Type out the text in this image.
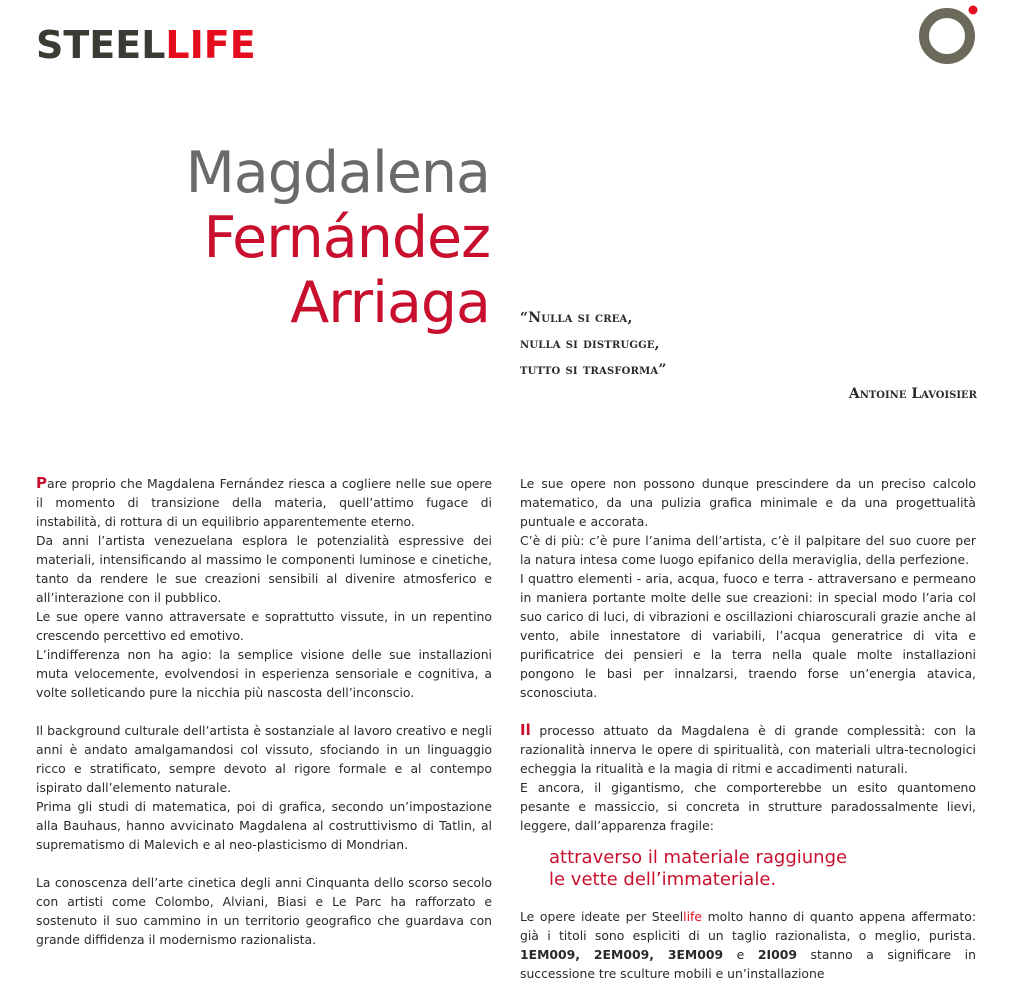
STEELLIFE
Magdalena
Fernández
Arriaga “Nulla si crea,
nulla si distrugge,
tutto si trasforma”
Antoine Lavoisier

Pare proprio che Magdalena Fernández riesca a cogliere nelle sue opere il momento di transizione della materia, quell’attimo fugace di instabilità, di rottura di un equilibrio apparentemente eterno.

Da anni l’artista venezuelana esplora le potenzialità espressive dei materiali, intensificando al massimo le componenti luminose e cinetiche, tanto da rendere le sue creazioni sensibili al divenire atmosferico e all’interazione con il pubblico.

Le sue opere vanno attraversate e soprattutto vissute, in un repentino crescendo percettivo ed emotivo.

L’indifferenza non ha agio: la semplice visione delle sue installazioni muta velocemente, evolvendosi in esperienza sensoriale e cognitiva, a volte solleticando pure la nicchia più nascosta dell’inconscio.

Il background culturale dell’artista è sostanziale al lavoro creativo e negli anni è andato amalgamandosi col vissuto, sfociando in un linguaggio ricco e stratificato, sempre devoto al rigore formale e al contempo ispirato dall’elemento naturale.

Prima gli studi di matematica, poi di grafica, secondo un’impostazione alla Bauhaus, hanno avvicinato Magdalena al costruttivismo di Tatlin, al suprematismo di Malevich e al neo-plasticismo di Mondrian.

La conoscenza dell’arte cinetica degli anni Cinquanta dello scorso secolo con artisti come Colombo, Alviani, Biasi e Le Parc ha rafforzato e sostenuto il suo cammino in un territorio geografico che guardava con grande diffidenza il modernismo razionalista.

Le sue opere non possono dunque prescindere da un preciso calcolo matematico, da una pulizia grafica minimale e da una progettualità puntuale e accorata.

C’è di più: c’è pure l’anima dell’artista, c’è il palpitare del suo cuore per la natura intesa come luogo epifanico della meraviglia, della perfezione.

I quattro elementi - aria, acqua, fuoco e terra - attraversano e permeano in maniera portante molte delle sue creazioni: in special modo l’aria col suo carico di luci, di vibrazioni e oscillazioni chiaroscurali grazie anche al vento, abile innestatore di variabili, l’acqua generatrice di vita e purificatrice dei pensieri e la terra nella quale molte installazioni pongono le basi per innalzarsi, traendo forse un’energia atavica, sconosciuta.

Il processo attuato da Magdalena è di grande complessità: con la razionalità innerva le opere di spiritualità, con materiali ultra-tecnologici echeggia la ritualità e la magia di ritmi e accadimenti naturali.

E ancora, il gigantismo, che comporterebbe un esito quantomeno pesante e massiccio, si concreta in strutture paradossalmente lievi, leggere, dall’apparenza fragile:

attraverso il materiale raggiunge
le vette dell’immateriale.

Le opere ideate per Steellife molto hanno di quanto appena affermato: già i titoli sono espliciti di un taglio razionalista, o meglio, purista. 1EM009, 2EM009, 3EM009 e 2I009 stanno a significare in successione tre sculture mobili e un’installazione
